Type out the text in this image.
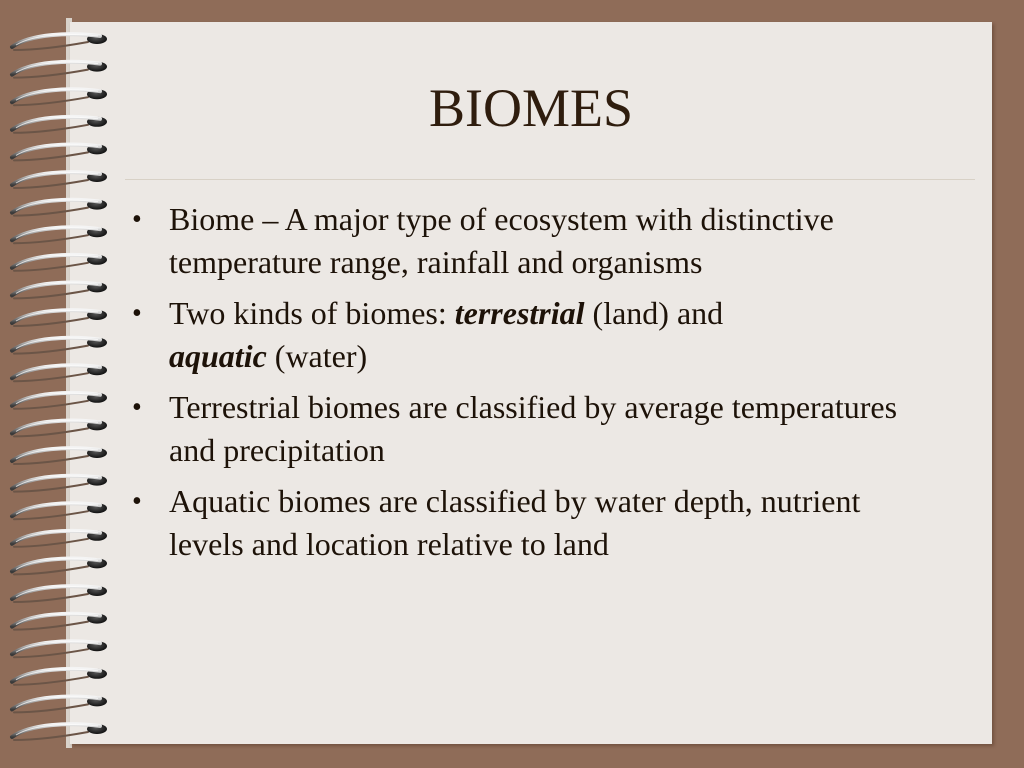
BIOMES
• Biome – A major type of ecosystem with distinctive temperature range, rainfall and organisms
• Two kinds of biomes: terrestrial (land) and
aquatic (water)
• Terrestrial biomes are classified by average temperatures and precipitation
• Aquatic biomes are classified by water depth, nutrient levels and location relative to land
